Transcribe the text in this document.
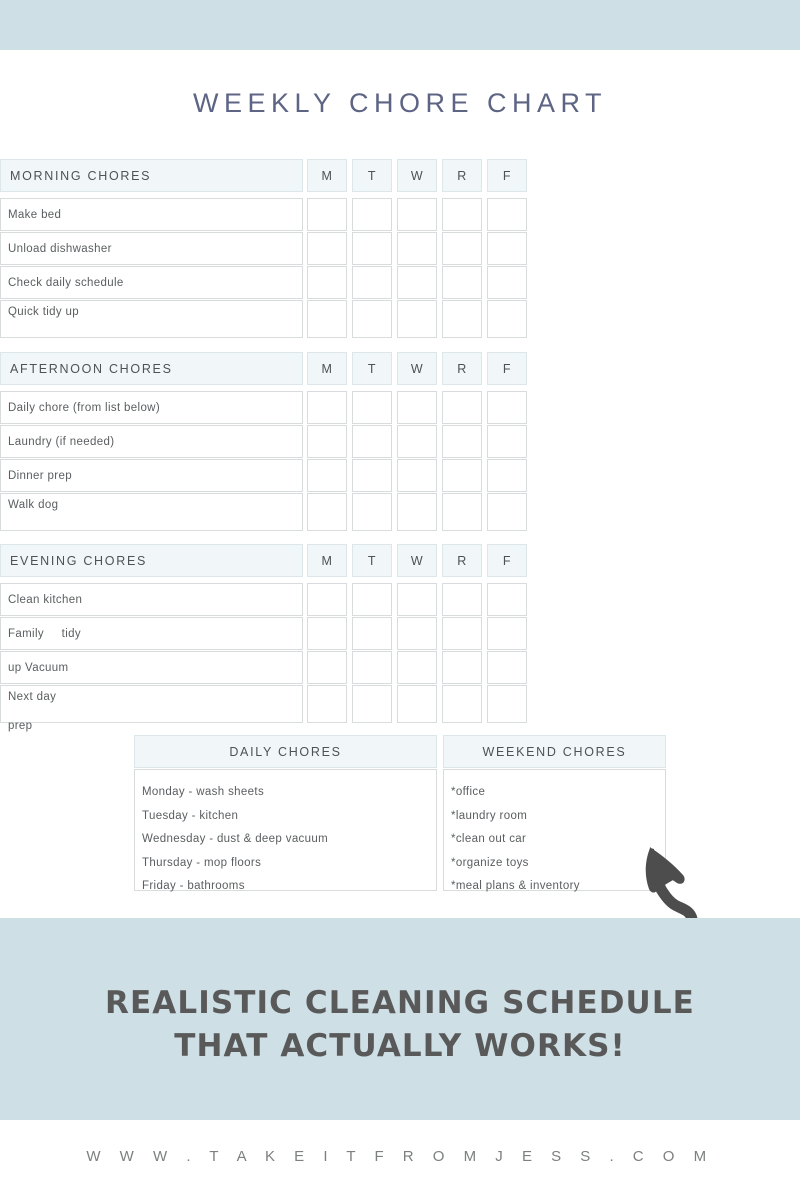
WEEKLY CHORE CHART
MORNING CHORES	M	T	W	R	F
Make bed
Unload dishwasher
Check daily schedule
Quick tidy up
AFTERNOON CHORES	M	T	W	R	F
Daily chore (from list below)
Laundry (if needed)
Dinner prep
Walk dog
EVENING CHORES	M	T	W	R	F
Clean kitchen
Family     tidy
up Vacuum
Next day
prep
DAILY CHORES	WEEKEND CHORES

Monday - wash sheets

Tuesday - kitchen

Wednesday - dust & deep vacuum

Thursday - mop floors

Friday - bathrooms

*office

*laundry room

*clean out car

*organize toys

*meal plans & inventory

REALISTIC CLEANING SCHEDULE
THAT ACTUALLY WORKS!
W W W . T A K E I T F R O M J E S S . C O M
